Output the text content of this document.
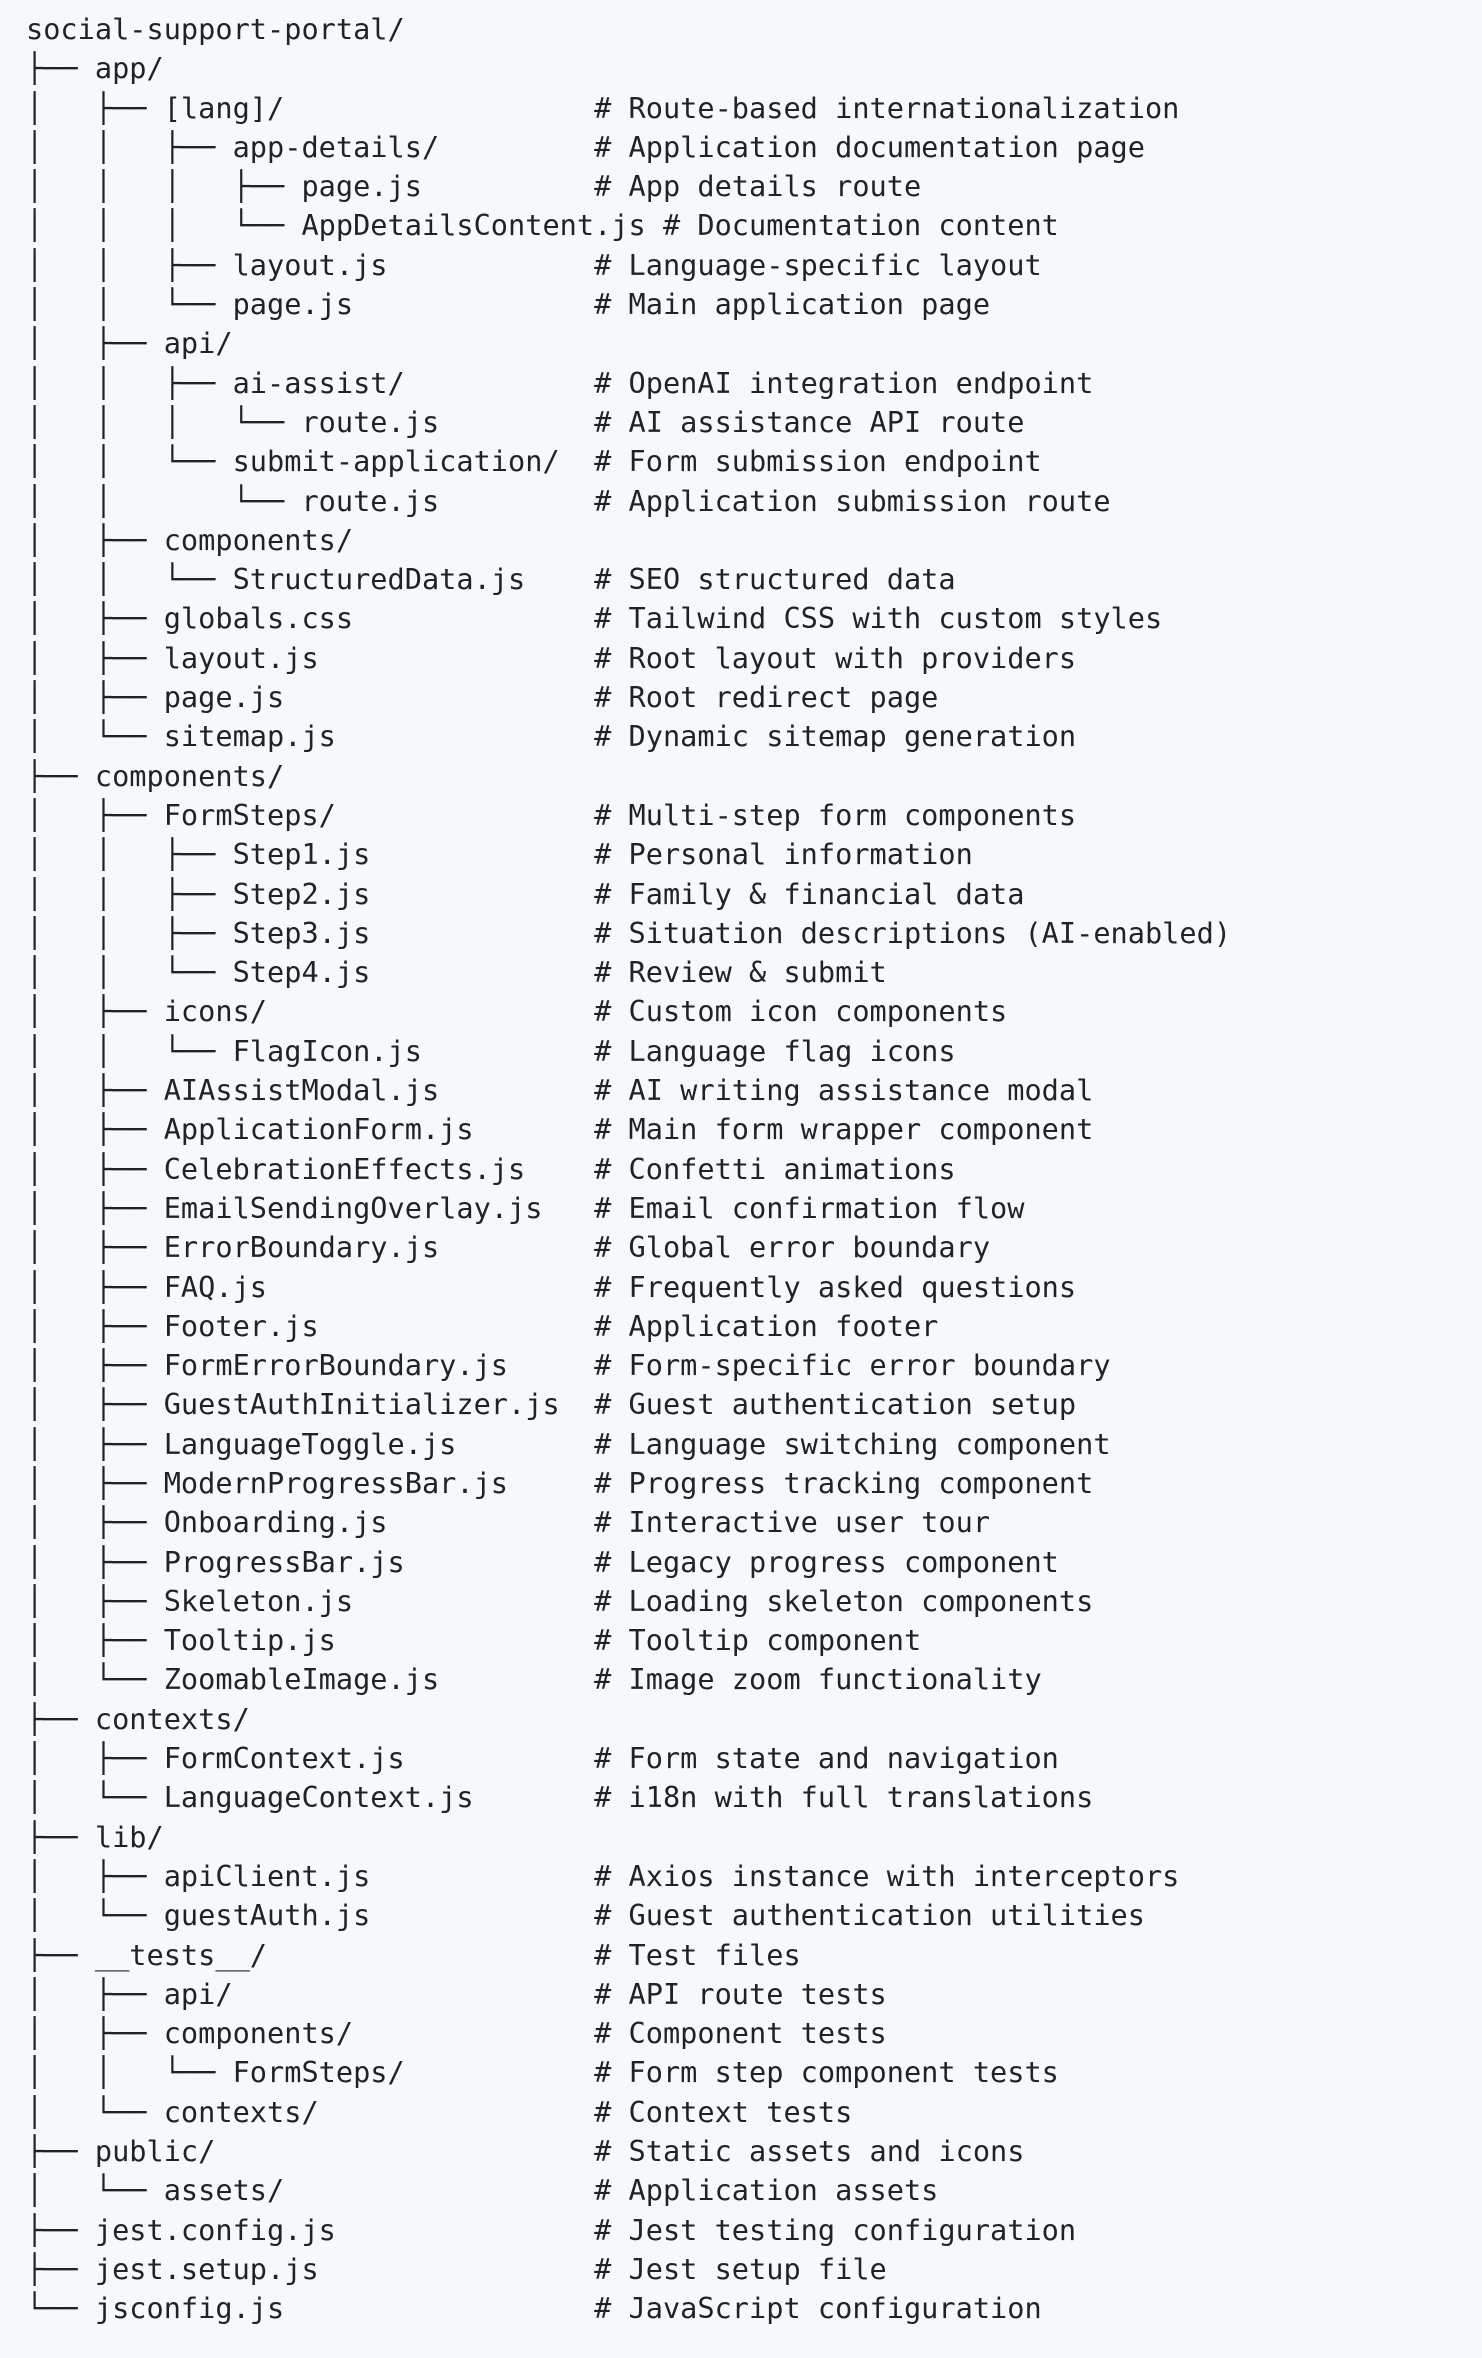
social-support-portal/
├── app/
│   ├── [lang]/                  # Route-based internationalization
│   │   ├── app-details/         # Application documentation page
│   │   │   ├── page.js          # App details route
│   │   │   └── AppDetailsContent.js # Documentation content
│   │   ├── layout.js            # Language-specific layout
│   │   └── page.js              # Main application page
│   ├── api/
│   │   ├── ai-assist/           # OpenAI integration endpoint
│   │   │   └── route.js         # AI assistance API route
│   │   └── submit-application/  # Form submission endpoint
│   │       └── route.js         # Application submission route
│   ├── components/
│   │   └── StructuredData.js    # SEO structured data
│   ├── globals.css              # Tailwind CSS with custom styles
│   ├── layout.js                # Root layout with providers
│   ├── page.js                  # Root redirect page
│   └── sitemap.js               # Dynamic sitemap generation
├── components/
│   ├── FormSteps/               # Multi-step form components
│   │   ├── Step1.js             # Personal information
│   │   ├── Step2.js             # Family & financial data
│   │   ├── Step3.js             # Situation descriptions (AI-enabled)
│   │   └── Step4.js             # Review & submit
│   ├── icons/                   # Custom icon components
│   │   └── FlagIcon.js          # Language flag icons
│   ├── AIAssistModal.js         # AI writing assistance modal
│   ├── ApplicationForm.js       # Main form wrapper component
│   ├── CelebrationEffects.js    # Confetti animations
│   ├── EmailSendingOverlay.js   # Email confirmation flow
│   ├── ErrorBoundary.js         # Global error boundary
│   ├── FAQ.js                   # Frequently asked questions
│   ├── Footer.js                # Application footer
│   ├── FormErrorBoundary.js     # Form-specific error boundary
│   ├── GuestAuthInitializer.js  # Guest authentication setup
│   ├── LanguageToggle.js        # Language switching component
│   ├── ModernProgressBar.js     # Progress tracking component
│   ├── Onboarding.js            # Interactive user tour
│   ├── ProgressBar.js           # Legacy progress component
│   ├── Skeleton.js              # Loading skeleton components
│   ├── Tooltip.js               # Tooltip component
│   └── ZoomableImage.js         # Image zoom functionality
├── contexts/
│   ├── FormContext.js           # Form state and navigation
│   └── LanguageContext.js       # i18n with full translations
├── lib/
│   ├── apiClient.js             # Axios instance with interceptors
│   └── guestAuth.js             # Guest authentication utilities
├── __tests__/                   # Test files
│   ├── api/                     # API route tests
│   ├── components/              # Component tests
│   │   └── FormSteps/           # Form step component tests
│   └── contexts/                # Context tests
├── public/                      # Static assets and icons
│   └── assets/                  # Application assets
├── jest.config.js               # Jest testing configuration
├── jest.setup.js                # Jest setup file
└── jsconfig.js                  # JavaScript configuration
